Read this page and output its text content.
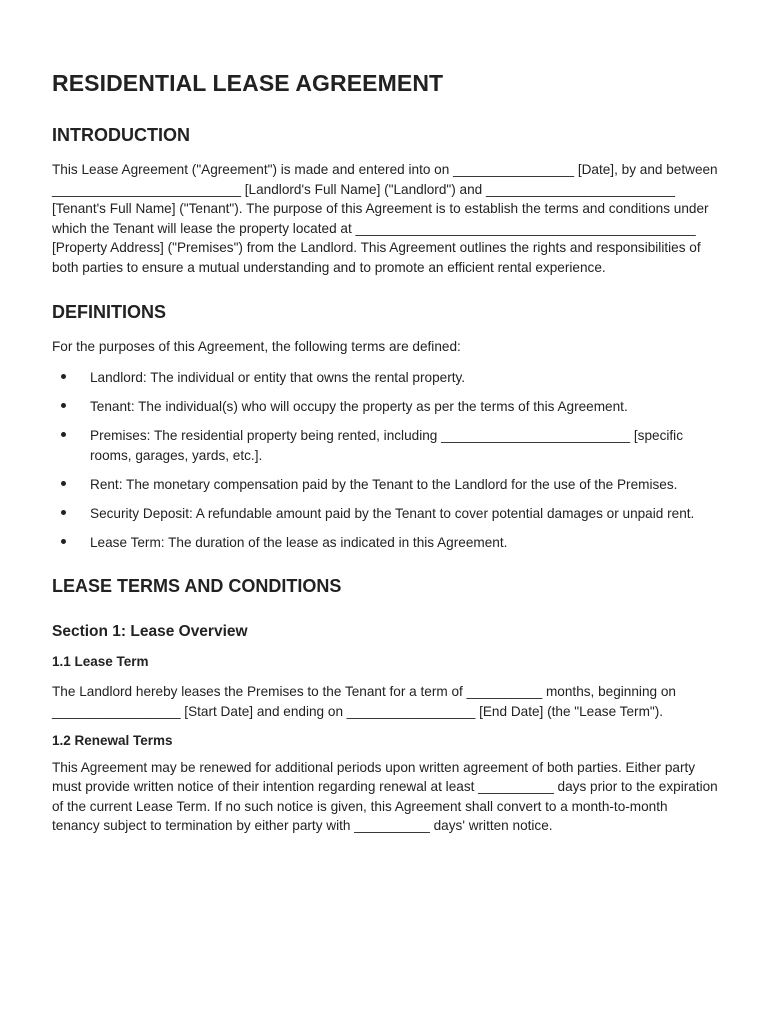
RESIDENTIAL LEASE AGREEMENT
INTRODUCTION

This Lease Agreement ("Agreement") is made and entered into on ________________ [Date], by and between _________________________ [Landlord's Full Name] ("Landlord") and _________________________ [Tenant's Full Name] ("Tenant"). The purpose of this Agreement is to establish the terms and conditions under which the Tenant will lease the property located at _____________________________________________ [Property Address] ("Premises") from the Landlord. This Agreement outlines the rights and responsibilities of both parties to ensure a mutual understanding and to promote an efficient rental experience.

DEFINITIONS

For the purposes of this Agreement, the following terms are defined:

Landlord: The individual or entity that owns the rental property.
Tenant: The individual(s) who will occupy the property as per the terms of this Agreement.
Premises: The residential property being rented, including _________________________ [specific rooms, garages, yards, etc.].
Rent: The monetary compensation paid by the Tenant to the Landlord for the use of the Premises.
Security Deposit: A refundable amount paid by the Tenant to cover potential damages or unpaid rent.
Lease Term: The duration of the lease as indicated in this Agreement.
LEASE TERMS AND CONDITIONS
Section 1: Lease Overview
1.1 Lease Term

The Landlord hereby leases the Premises to the Tenant for a term of __________ months, beginning on _________________ [Start Date] and ending on _________________ [End Date] (the "Lease Term").

1.2 Renewal Terms

This Agreement may be renewed for additional periods upon written agreement of both parties. Either party must provide written notice of their intention regarding renewal at least __________ days prior to the expiration of the current Lease Term. If no such notice is given, this Agreement shall convert to a month-to-month tenancy subject to termination by either party with __________ days' written notice.
